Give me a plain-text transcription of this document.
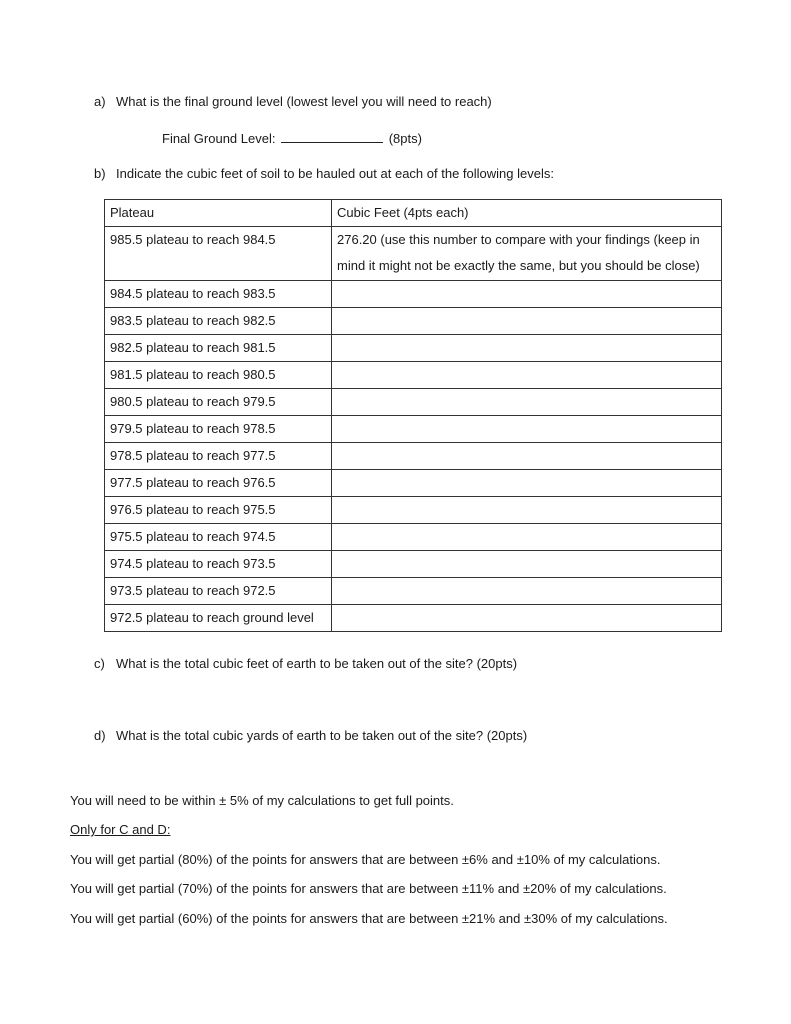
a) What is the final ground level (lowest level you will need to reach)
Final Ground Level:	(8pts)
b) Indicate the cubic feet of soil to be hauled out at each of the following levels:
Plateau	Cubic Feet (4pts each)
985.5 plateau to reach 984.5	276.20 (use this number to compare with your findings (keep in mind it might not be exactly the same, but you should be close)
984.5 plateau to reach 983.5	
983.5 plateau to reach 982.5	
982.5 plateau to reach 981.5	
981.5 plateau to reach 980.5	
980.5 plateau to reach 979.5	
979.5 plateau to reach 978.5	
978.5 plateau to reach 977.5	
977.5 plateau to reach 976.5	
976.5 plateau to reach 975.5	
975.5 plateau to reach 974.5	
974.5 plateau to reach 973.5	
973.5 plateau to reach 972.5	
972.5 plateau to reach ground level	
c) What is the total cubic feet of earth to be taken out of the site? (20pts)
d) What is the total cubic yards of earth to be taken out of the site? (20pts)
You will need to be within ± 5% of my calculations to get full points.
Only for C and D:
You will get partial (80%) of the points for answers that are between ±6% and ±10% of my calculations.
You will get partial (70%) of the points for answers that are between ±11% and ±20% of my calculations.
You will get partial (60%) of the points for answers that are between ±21% and ±30% of my calculations.
